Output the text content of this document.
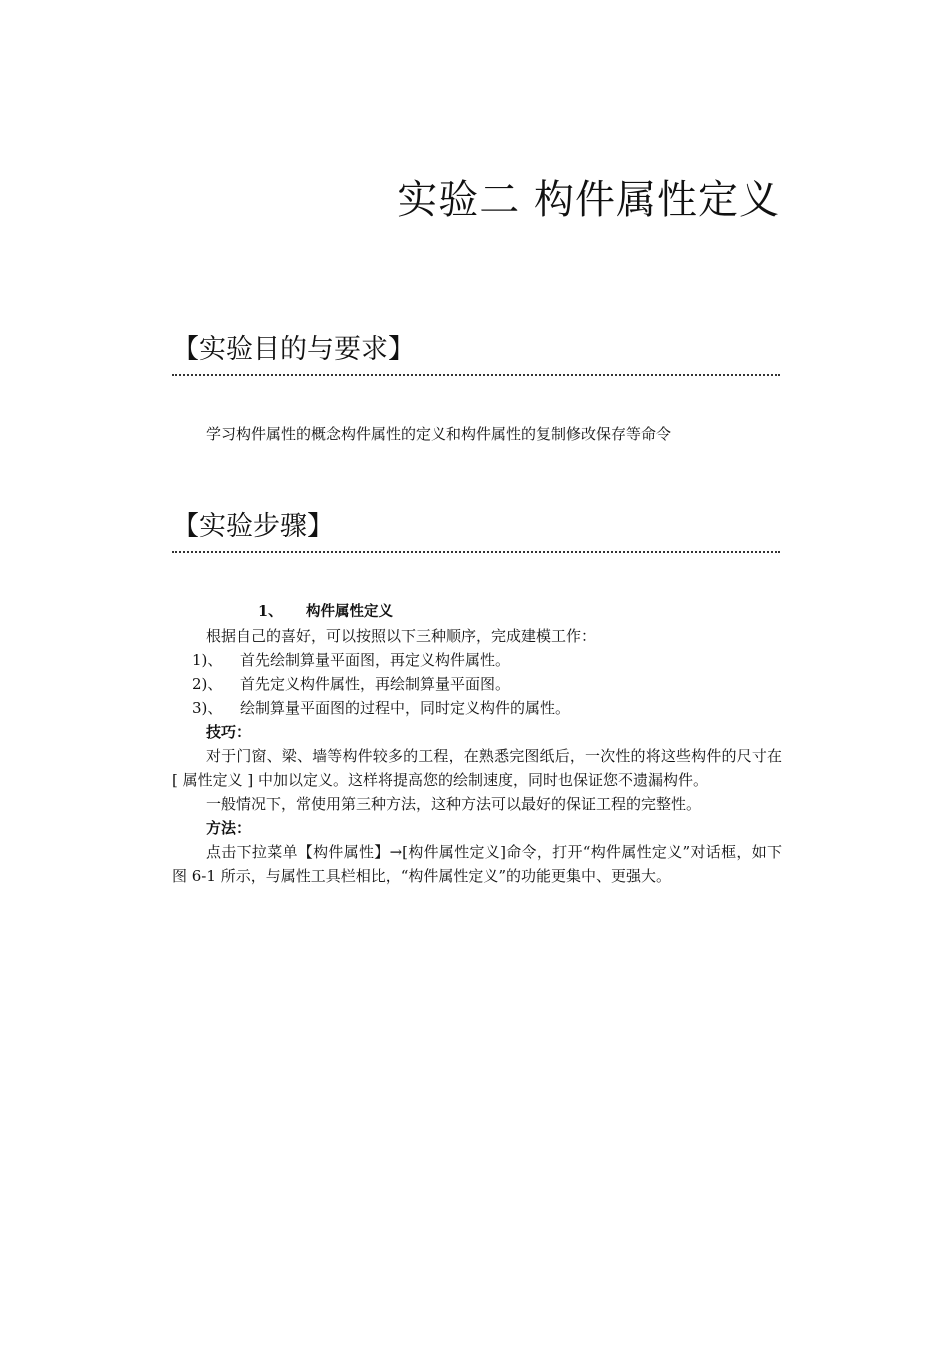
实验二 构件属性定义
【实验目的与要求】

学习构件属性的概念构件属性的定义和构件属性的复制修改保存等命令

【实验步骤】

1、 构件属性定义

根据自己的喜好，可以按照以下三种顺序，完成建模工作：

1)、 首先绘制算量平面图，再定义构件属性。

2)、 首先定义构件属性，再绘制算量平面图。

3)、 绘制算量平面图的过程中，同时定义构件的属性。

技巧：

对于门窗、梁、墙等构件较多的工程，在熟悉完图纸后，一次性的将这些构件的尺寸在 [ 属性定义 ] 中加以定义。这样将提高您的绘制速度，同时也保证您不遗漏构件。

一般情况下，常使用第三种方法，这种方法可以最好的保证工程的完整性。

方法：

点击下拉菜单【构件属性】→[构件属性定义]命令，打开“构件属性定义”对话框，如下图 6-1 所示，与属性工具栏相比，“构件属性定义”的功能更集中、更强大。
